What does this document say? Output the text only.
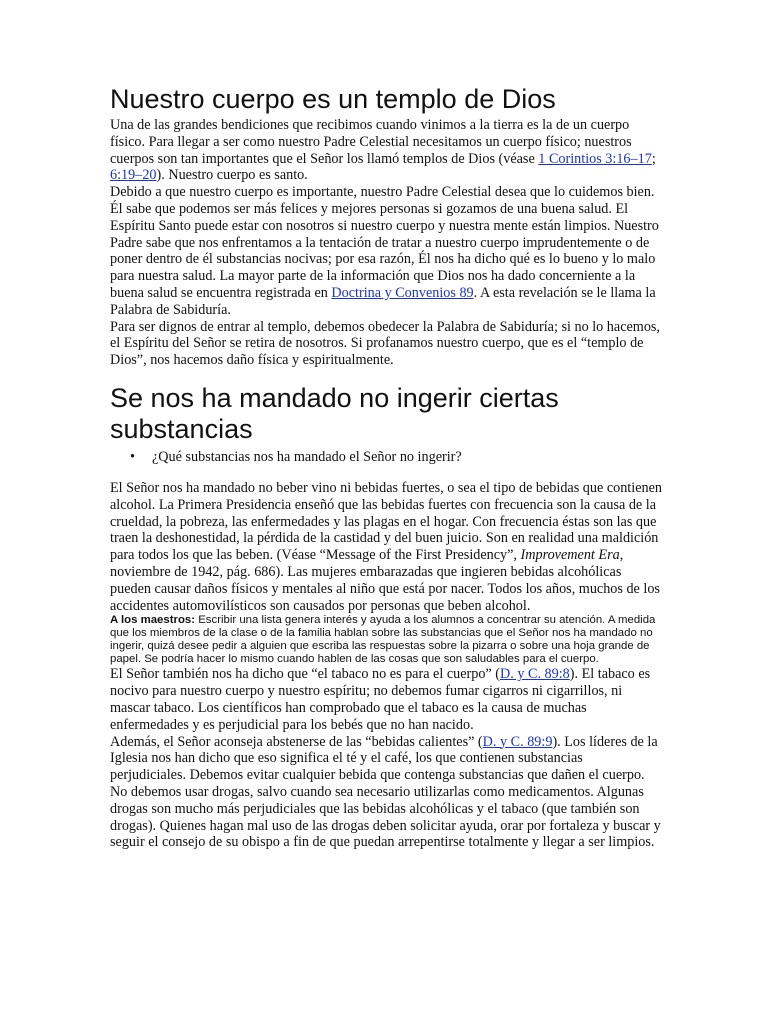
Nuestro cuerpo es un templo de Dios

Una de las grandes bendiciones que recibimos cuando vinimos a la tierra es la de un cuerpo físico. Para llegar a ser como nuestro Padre Celestial necesitamos un cuerpo físico; nuestros cuerpos son tan importantes que el Señor los llamó templos de Dios (véase 1 Corintios 3:16–17; 6:19–20). Nuestro cuerpo es santo.

Debido a que nuestro cuerpo es importante, nuestro Padre Celestial desea que lo cuidemos bien. Él sabe que podemos ser más felices y mejores personas si gozamos de una buena salud. El Espíritu Santo puede estar con nosotros si nuestro cuerpo y nuestra mente están limpios. Nuestro Padre sabe que nos enfrentamos a la tentación de tratar a nuestro cuerpo imprudentemente o de poner dentro de él substancias nocivas; por esa razón, Él nos ha dicho qué es lo bueno y lo malo para nuestra salud. La mayor parte de la información que Dios nos ha dado concerniente a la buena salud se encuentra registrada en Doctrina y Convenios 89. A esta revelación se le llama la Palabra de Sabiduría.

Para ser dignos de entrar al templo, debemos obedecer la Palabra de Sabiduría; si no lo hacemos, el Espíritu del Señor se retira de nosotros. Si profanamos nuestro cuerpo, que es el “templo de Dios”, nos hacemos daño física y espiritualmente.

Se nos ha mandado no ingerir ciertas substancias
• ¿Qué substancias nos ha mandado el Señor no ingerir?

El Señor nos ha mandado no beber vino ni bebidas fuertes, o sea el tipo de bebidas que contienen alcohol. La Primera Presidencia enseñó que las bebidas fuertes con frecuencia son la causa de la crueldad, la pobreza, las enfermedades y las plagas en el hogar. Con frecuencia éstas son las que traen la deshonestidad, la pérdida de la castidad y del buen juicio. Son en realidad una maldición para todos los que las beben. (Véase “Message of the First Presidency”, Improvement Era, noviembre de 1942, pág. 686). Las mujeres embarazadas que ingieren bebidas alcohólicas pueden causar daños físicos y mentales al niño que está por nacer. Todos los años, muchos de los accidentes automovilísticos son causados por personas que beben alcohol.

A los maestros: Escribir una lista genera interés y ayuda a los alumnos a concentrar su atención. A medida que los miembros de la clase o de la familia hablan sobre las substancias que el Señor nos ha mandado no ingerir, quizá desee pedir a alguien que escriba las respuestas sobre la pizarra o sobre una hoja grande de papel. Se podría hacer lo mismo cuando hablen de las cosas que son saludables para el cuerpo.

El Señor también nos ha dicho que “el tabaco no es para el cuerpo” (D. y C. 89:8). El tabaco es nocivo para nuestro cuerpo y nuestro espíritu; no debemos fumar cigarros ni cigarrillos, ni mascar tabaco. Los científicos han comprobado que el tabaco es la causa de muchas enfermedades y es perjudicial para los bebés que no han nacido.

Además, el Señor aconseja abstenerse de las “bebidas calientes” (D. y C. 89:9). Los líderes de la Iglesia nos han dicho que eso significa el té y el café, los que contienen substancias perjudiciales. Debemos evitar cualquier bebida que contenga substancias que dañen el cuerpo.

No debemos usar drogas, salvo cuando sea necesario utilizarlas como medicamentos. Algunas drogas son mucho más perjudiciales que las bebidas alcohólicas y el tabaco (que también son drogas). Quienes hagan mal uso de las drogas deben solicitar ayuda, orar por fortaleza y buscar y seguir el consejo de su obispo a fin de que puedan arrepentirse totalmente y llegar a ser limpios.
